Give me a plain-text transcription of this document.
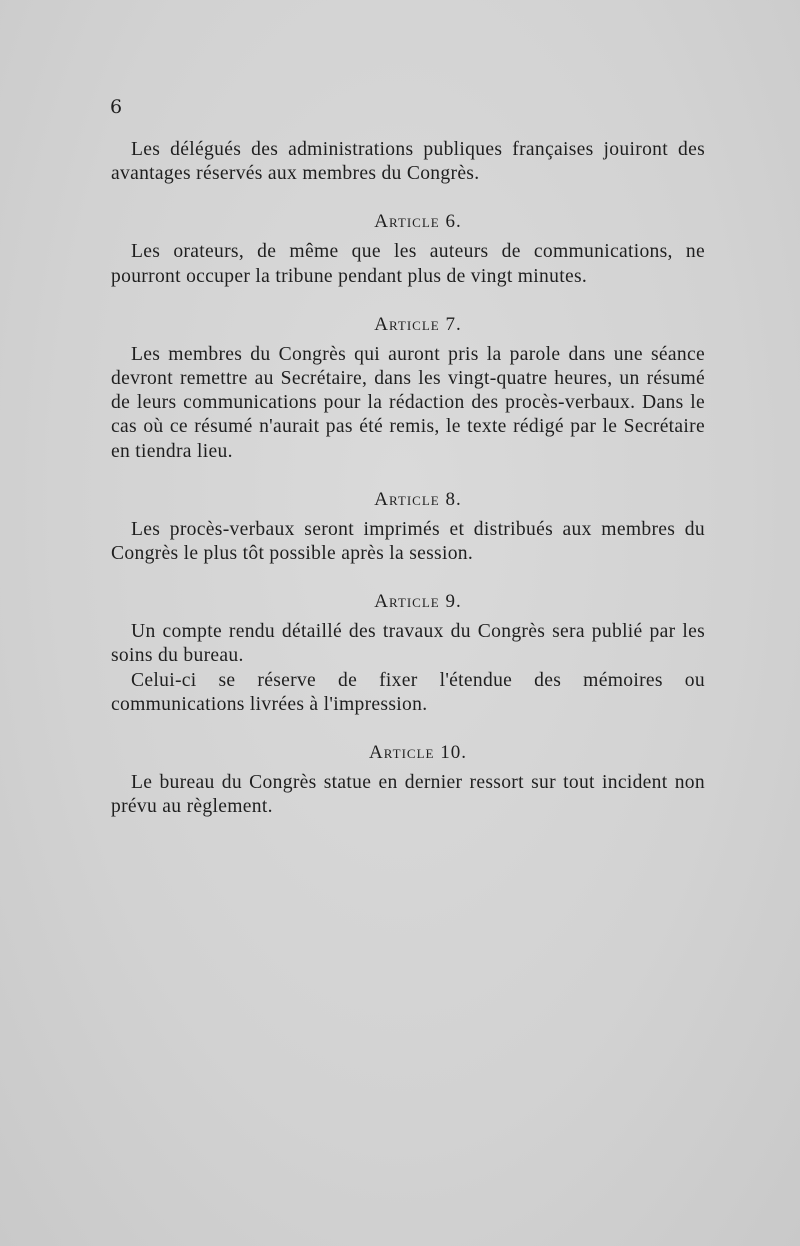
6

Les délégués des administrations publiques françaises jouiront des avantages réservés aux membres du Congrès.

Article 6.

Les orateurs, de même que les auteurs de communications, ne pourront occuper la tribune pendant plus de vingt minutes.

Article 7.

Les membres du Congrès qui auront pris la parole dans une séance devront remettre au Secrétaire, dans les vingt-quatre heures, un résumé de leurs communications pour la rédaction des procès-verbaux. Dans le cas où ce résumé n'aurait pas été remis, le texte rédigé par le Secrétaire en tiendra lieu.

Article 8.

Les procès-verbaux seront imprimés et distribués aux membres du Congrès le plus tôt possible après la session.

Article 9.

Un compte rendu détaillé des travaux du Congrès sera publié par les soins du bureau.

Celui-ci se réserve de fixer l'étendue des mémoires ou communications livrées à l'impression.

Article 10.

Le bureau du Congrès statue en dernier ressort sur tout incident non prévu au règlement.
